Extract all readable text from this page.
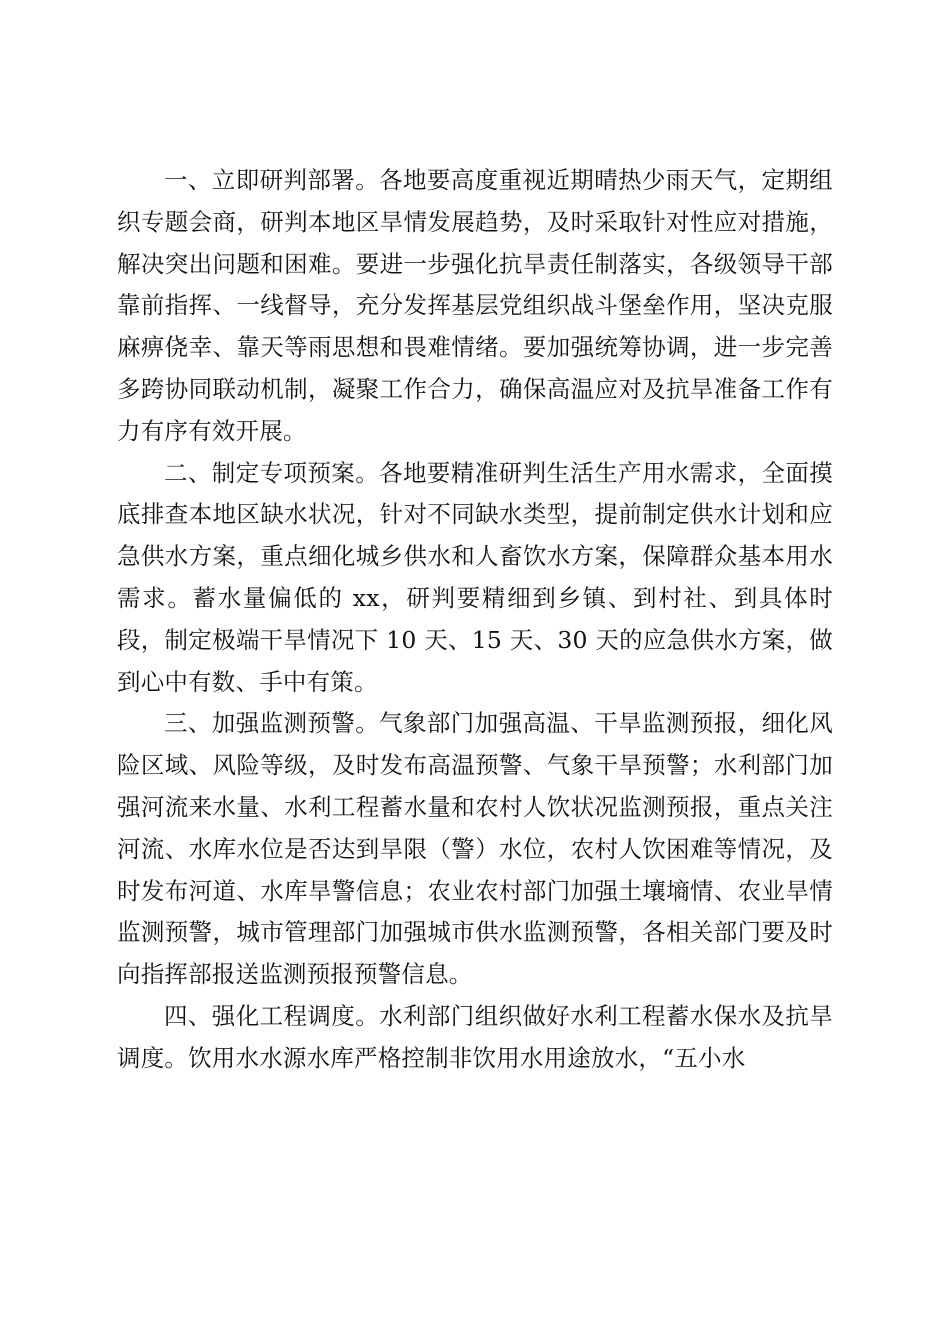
一、立即研判部署。各地要高度重视近期晴热少雨天气，定期组织专题会商，研判本地区旱情发展趋势，及时采取针对性应对措施，解决突出问题和困难。要进一步强化抗旱责任制落实，各级领导干部靠前指挥、一线督导，充分发挥基层党组织战斗堡垒作用，坚决克服麻痹侥幸、靠天等雨思想和畏难情绪。要加强统筹协调，进一步完善多跨协同联动机制，凝聚工作合力，确保高温应对及抗旱准备工作有力有序有效开展。

二、制定专项预案。各地要精准研判生活生产用水需求，全面摸底排查本地区缺水状况，针对不同缺水类型，提前制定供水计划和应急供水方案，重点细化城乡供水和人畜饮水方案，保障群众基本用水需求。蓄水量偏低的 xx，研判要精细到乡镇、到村社、到具体时段，制定极端干旱情况下 10 天、15 天、30 天的应急供水方案，做到心中有数、手中有策。

三、加强监测预警。气象部门加强高温、干旱监测预报，细化风险区域、风险等级，及时发布高温预警、气象干旱预警；水利部门加强河流来水量、水利工程蓄水量和农村人饮状况监测预报，重点关注河流、水库水位是否达到旱限（警）水位，农村人饮困难等情况，及时发布河道、水库旱警信息；农业农村部门加强土壤墒情、农业旱情监测预警，城市管理部门加强城市供水监测预警，各相关部门要及时向指挥部报送监测预报预警信息。

四、强化工程调度。水利部门组织做好水利工程蓄水保水及抗旱调度。饮用水水源水库严格控制非饮用水用途放水，“五小水
